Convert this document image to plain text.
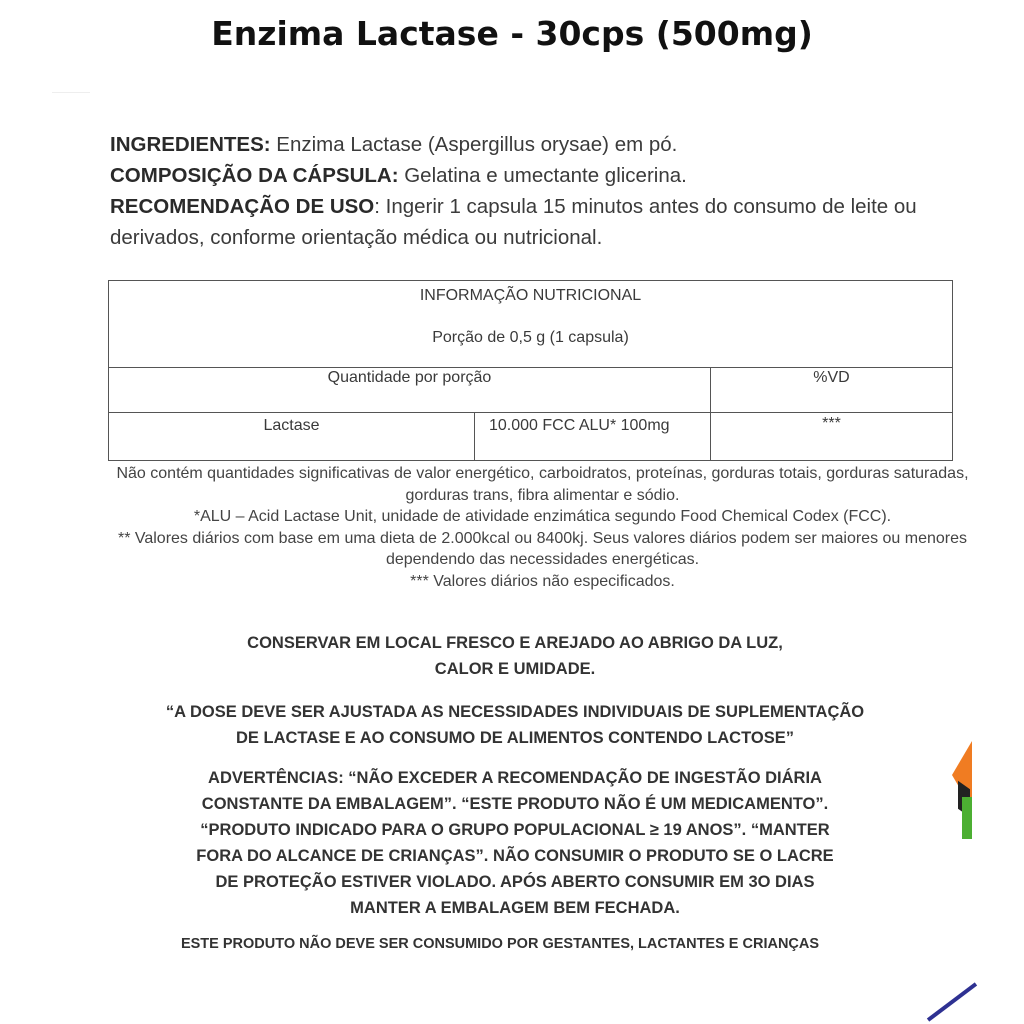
Enzima Lactase - 30cps (500mg)
INGREDIENTES: Enzima Lactase (Aspergillus orysae) em pó.
COMPOSIÇÃO DA CÁPSULA: Gelatina e umectante glicerina.
RECOMENDAÇÃO DE USO: Ingerir 1 capsula 15 minutos antes do consumo de leite ou derivados, conforme orientação médica ou nutricional.
INFORMAÇÃO NUTRICIONAL
Porção de 0,5 g (1 capsula)		

Quantidade por porção		%VD
Lactase	10.000 FCC ALU* 100mg	***
Não contém quantidades significativas de valor energético, carboidratos, proteínas, gorduras totais, gorduras saturadas, gorduras trans, fibra alimentar e sódio.
*ALU – Acid Lactase Unit, unidade de atividade enzimática segundo Food Chemical Codex (FCC).
** Valores diários com base em uma dieta de 2.000kcal ou 8400kj. Seus valores diários podem ser maiores ou menores dependendo das necessidades energéticas.
*** Valores diários não especificados.
CONSERVAR EM LOCAL FRESCO E AREJADO AO ABRIGO DA LUZ,
CALOR E UMIDADE.
“A DOSE DEVE SER AJUSTADA AS NECESSIDADES INDIVIDUAIS DE SUPLEMENTAÇÃO
DE LACTASE E AO CONSUMO DE ALIMENTOS CONTENDO LACTOSE”
ADVERTÊNCIAS: “NÃO EXCEDER A RECOMENDAÇÃO DE INGESTÃO DIÁRIA
CONSTANTE DA EMBALAGEM”. “ESTE PRODUTO NÃO É UM MEDICAMENTO”.
“PRODUTO INDICADO PARA O GRUPO POPULACIONAL ≥ 19 ANOS”. “MANTER
FORA DO ALCANCE DE CRIANÇAS”. NÃO CONSUMIR O PRODUTO SE O LACRE
DE PROTEÇÃO ESTIVER VIOLADO. APÓS ABERTO CONSUMIR EM 3O DIAS
MANTER A EMBALAGEM BEM FECHADA.
ESTE PRODUTO NÃO DEVE SER CONSUMIDO POR GESTANTES, LACTANTES E CRIANÇAS
